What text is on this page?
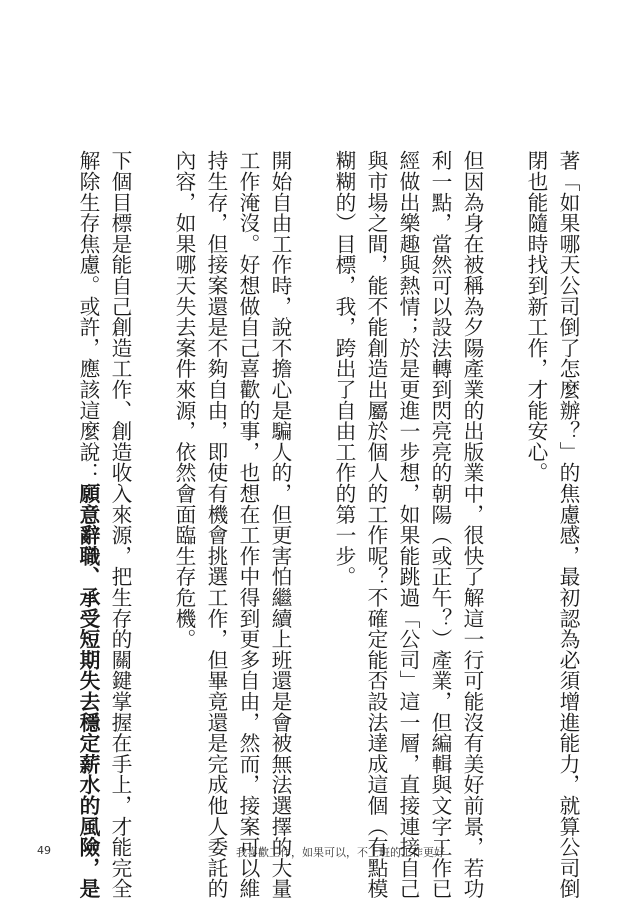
著「如果哪天公司倒了怎麼辦？」的焦慮感，最初認為必須增進能力，就算公司倒
閉也能隨時找到新工作，才能安心。
但因為身在被稱為夕陽產業的出版業中，很快了解這一行可能沒有美好前景，若功
利一點，當然可以設法轉到閃亮亮的朝陽（或正午？）產業，但編輯與文字工作已
經做出樂趣與熱情；於是更進一步想，如果能跳過「公司」這一層，直接連接自己
與市場之間，能不能創造出屬於個人的工作呢？不確定能否設法達成這個（有點模
糊糊的）目標，我，跨出了自由工作的第一步。
開始自由工作時，說不擔心是騙人的，但更害怕繼續上班還是會被無法選擇的大量
工作淹沒。好想做自己喜歡的事，也想在工作中得到更多自由，然而，接案可以維
持生存，但接案還是不夠自由，即使有機會挑選工作，但畢竟還是完成他人委託的
內容，如果哪天失去案件來源，依然會面臨生存危機。
下個目標是能自己創造工作、創造收入來源，把生存的關鍵掌握在手上，才能完全
解除生存焦慮。或許，應該這麼說：願意辭職、承受短期失去穩定薪水的風險，是
49	我喜歡工作，如果可以，不上班的工作更好
